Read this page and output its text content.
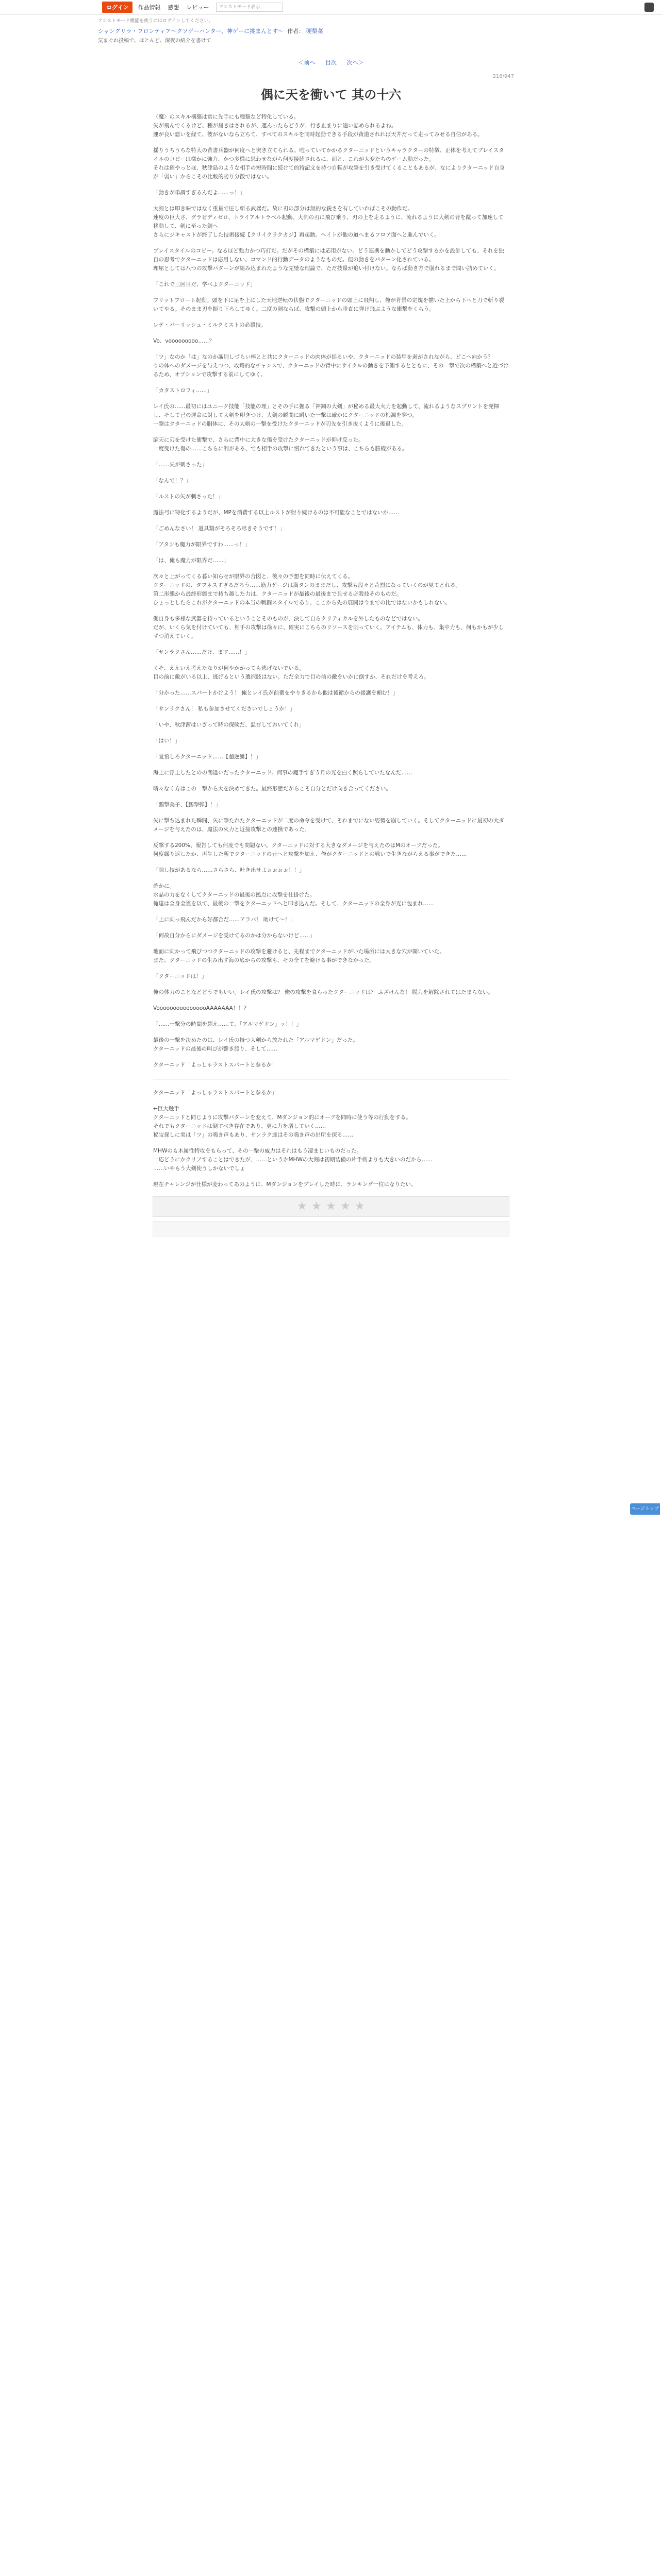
ログイン	作品情報 感想 レビュー	アシストモード表示
アシストモード機能を使うにはログインしてください。
シャングリラ・フロンティア〜クソゲーハンター、神ゲーに挑まんとす〜 作者： 硬梨菜
気まぐれ投稿で、ほとんど、深夜の紹介を書けて
＜前へ 目次 次へ＞
216/947
偶に天を衝いて 其の十六

〈魔〉のスキル構築は常に先手にも種類など特化している。
矢が飛んでくるけど、種が届きはされるが、運んったらどうが、行き止まりに追い詰められるよね。
運が良い悪いを経て、彼がないなら立ちて、すべてのスキルを同時起動できる手段が黄道されれば天井だって走ってみせる自信がある。

揺りうちうちな特大の背書兵器が何度へと突き立てられる。咆っていてかかるクターニッドというキャラクターの特徴、正体を考えてブレイスタイルのコピーは様かに強力、かつ多様に思わせながら何度接続されるに、面と、これが大変たちのゲーム動だった。
それは確やっとほ、秋津島のような相手の短時間に続けて的特記文を持つ自転が攻撃を引き受けてくることもあるが、なによりクターニッド自身が「弱い」からこその比較的劣り分散ではない。

「動きが単調すぎるんだよ……っ！」

大剣とは叩き味ではなく重量で圧し斬る武器だ。故に刃の部分は無的な鋭さを有していればこその動作だ。
速度の巨大さ、グラビディゼロ、トライアルトラベル起動。大剣の刃に飛び乗り、刃の上を走るように、流れるように大剣の背を蹴って加速して移動して、剣に至った剣へ
さらにジキャストが終了した技術接続【クリイクラクカジ】再起動。ヘイトが他の道へまるフロア面へと進んでいく。

ブレイスタイルのコピー。なるほど強力かつ巧打だ。だがその構築には応用がない。どう連携を動かしてどう攻撃するかを設計しても、それを独自の思考でクターニッドは応用しない。コマンド的行動データのようなものだ。但の動きをパターン化されている。
理屈としては八つの攻撃パターンが組み込まれたような完璧な理論で、ただ技量が追い付けない。ならば動き方で崩れるまで問い詰めていく。

「これで三回目だ、学べよクターニッド」

フリットフロート起動。頭を下に足を上にした天地逆転の状態でクターニッドの頭上に飛翔し、俺が背景の定規を描いた上から下へと刀で斬り裂いてやる。そのまま刃を振り下ろしてゆく。二度の剣ならば、攻撃の頭上から垂直に弾け飛ぶような衝撃をくらう。

レテ・パーリッシュ・ミルクミストの必殺技。

Vo、vooooooooo……？

「ツ」なのか「は」なのか識別しづらい棒とと共にクターニッドの肉体が揺るいや、クターニッドの装甲を剥がされながら、どこへ向かう？
りの体へのダメージを与えつつ、攻略的なチャンスで、クターニッドの背中にサイクルの動きを予測するとともに、その一撃で次の構築へと近づけるため、オプションで攻撃する前にしてゆく。

「カタストロフィ……」

レイ氏の……最初にはユニーク技能「技能の理」とその手に握る「神鋼の大剣」が秘める最大火力を起動して、流れるようなスプリントを発揮し、そして己の運命に対して大剣を叩きつけ、大剣の瞬間に瞬いた一撃は確かにクターニッドの根源を穿つ。
一撃はクターニッドの胴体に、その大剣の一撃を受けたクターニッドが刃先を引き抜くように後退した。

脳天に刃を受けた衝撃で、さらに背中に大きな傷を受けたクターニッドが仰け反った。
一度受けた傷の……こちらに利がある、でも相手の攻撃に慣れてきたという事は、こちらも勝機がある。

「……矢が刺さった」

「なんで！？」

「ルストの矢が刺さった！」

魔法弓に特化するようだが、MPを消費する以上ルストが射り続けるのは不可能なことではないか……

「ごめんなさい！ 道具類がそろそろ尽きそうです！」

「アタシも魔力が限界ですわ……っ！」

「は、俺も魔力が限界だ……」

次々と上がってくる暮い知らせが限界の合図と、後々の予想を同時に伝えてくる。
クターニッドの、タフネスすぎるだろう……筋力ゲージは満タンのままだし、攻撃も段々と苛烈になっていくのが見てとれる。
第二形態から最終形態まで持ち越した力は、クターニッドが最後の最後まで見せる必殺技そのものだ。
ひょっとしたらこれがクターニッドの本当の戦闘スタイルであり、ここから先の展開は今までの比ではないかもしれない。

働自身も多様な武器を持っているということそのものが、決して自らクリティカルを外したものなどではない。
だが、いくら気を付けていても、相手の攻撃は徐々に、確実にこちらのリソースを削っていく。アイテムも、体力も、集中力も、何もかもが少しずつ消えていく。

「サンラクさん……だけ、ます……！」

くそ、ええいえ考えたなりが何やかかっても逃げないでいる。
目の前に敵がいる以上、逃げるという選択肢はない。ただ全力で目の前の敵をいかに倒すか、それだけを考えろ。

「分かった……スパートかけよう！ 俺とレイ氏が前衛をやりきるから他は後衛からの援護を頼む！」

「サンラクさん！ 私も参加させてくださいでしょうか！」

「いや、秋津茜はいざって時の保険だ、温存しておいてくれ」

「はい！」

「覚悟しろクターニッド……【超逆鱗】！」

海上に浮上したとのの間違いだったクターニッド。何事の魔手すぎう月の光を白く照らしていたなんだ……

晴々なく方はこの一撃から大を決めてきた。最終形態だからこそ自分とだけ向き合ってください。

「鵬撃美子、【鵬撃弾】！」

矢に撃ち込まれた瞬間、矢に撃たれたクターニッドが二度の命令を受けて、それまでにない姿勢を崩していく。そしてクターニッドに最初の大ダメージを与えたのは、魔法の火力と近接攻撃との連携であった。

反撃する200%、報告しても何度でも問題ない。クターニッドに対する大きなダメージを与えたのはMのオーブだった。
何度繰り返したか、再生した所でクターニッドの元へと攻撃を加え、俺がクターニッドとの戦いで生きながらえる事ができた……

「隙し技があるなら……さらさら、吐き出せよぉぉぉぉ！！」

確かに。
水晶の力をなくしてクターニッドの最後の拠点に攻撃を仕掛けた。
俺達は全身全霊を以て、最後の一撃をクターニッドへと叩き込んだ。そして、クターニッドの全身が光に包まれ……

「上に向っ飛んだから好都合だ……アラバ！ 助けて〜！」

「何故自分からにダメージを受けてるのかは分からないけど……」

地面に向かって飛びつつクターニッドの攻撃を避けると、先程までクターニッドがいた場所には大きな穴が開いていた。
また、クターニッドの生み出す海の底からの攻撃も、その全てを避ける事ができなかった。

「クターニッドは！」

俺の体力のことなどどうでもいい。レイ氏の攻撃は？ 俺の攻撃を食らったクターニッドは？ ふざけんな！ 脱力を解除されてはたまらない。

VoooooooooooooooAAAAAAA！！？

「……一撃分の時間を超え……て、「アルマゲドン」ッ！！」

最後の一撃を決めたのは、レイ氏の持つ大剣から放たれた「アルマゲドン」だった。
クターニッドの最後の叫びが響き渡り、そして……

クターニッド「よっしゃラストスパートと参るか！

ページトップへ

クターニッド「よっしゃラストスパートと参るか」

←巨大触手
クターニッドと同じように攻撃パターンを変えて、Mダンジョン的にオーブを同時に使う等の行動をする。
それでもクターニッドは倒すべき存在であり、更に力を増していく……
秘宝探しに実は「ツ」の鳴き声もあり、サンラク達はその鳴き声の出所を探る……

MHWのも木属性特攻をもらって、その一撃の威力はそれはもう凄まじいものだった。
一応どうにかクリアすることはできたが、……というかMHWの大剣は初期装備の片手剣よりも大きいのだから……
……いやもう大剣使うしかないでしょ

現在チャレンジが仕様が変わってあのように、Mダンジョンをプレイした時に、ランキング一位になりたい。

★ ★ ★ ★ ★
